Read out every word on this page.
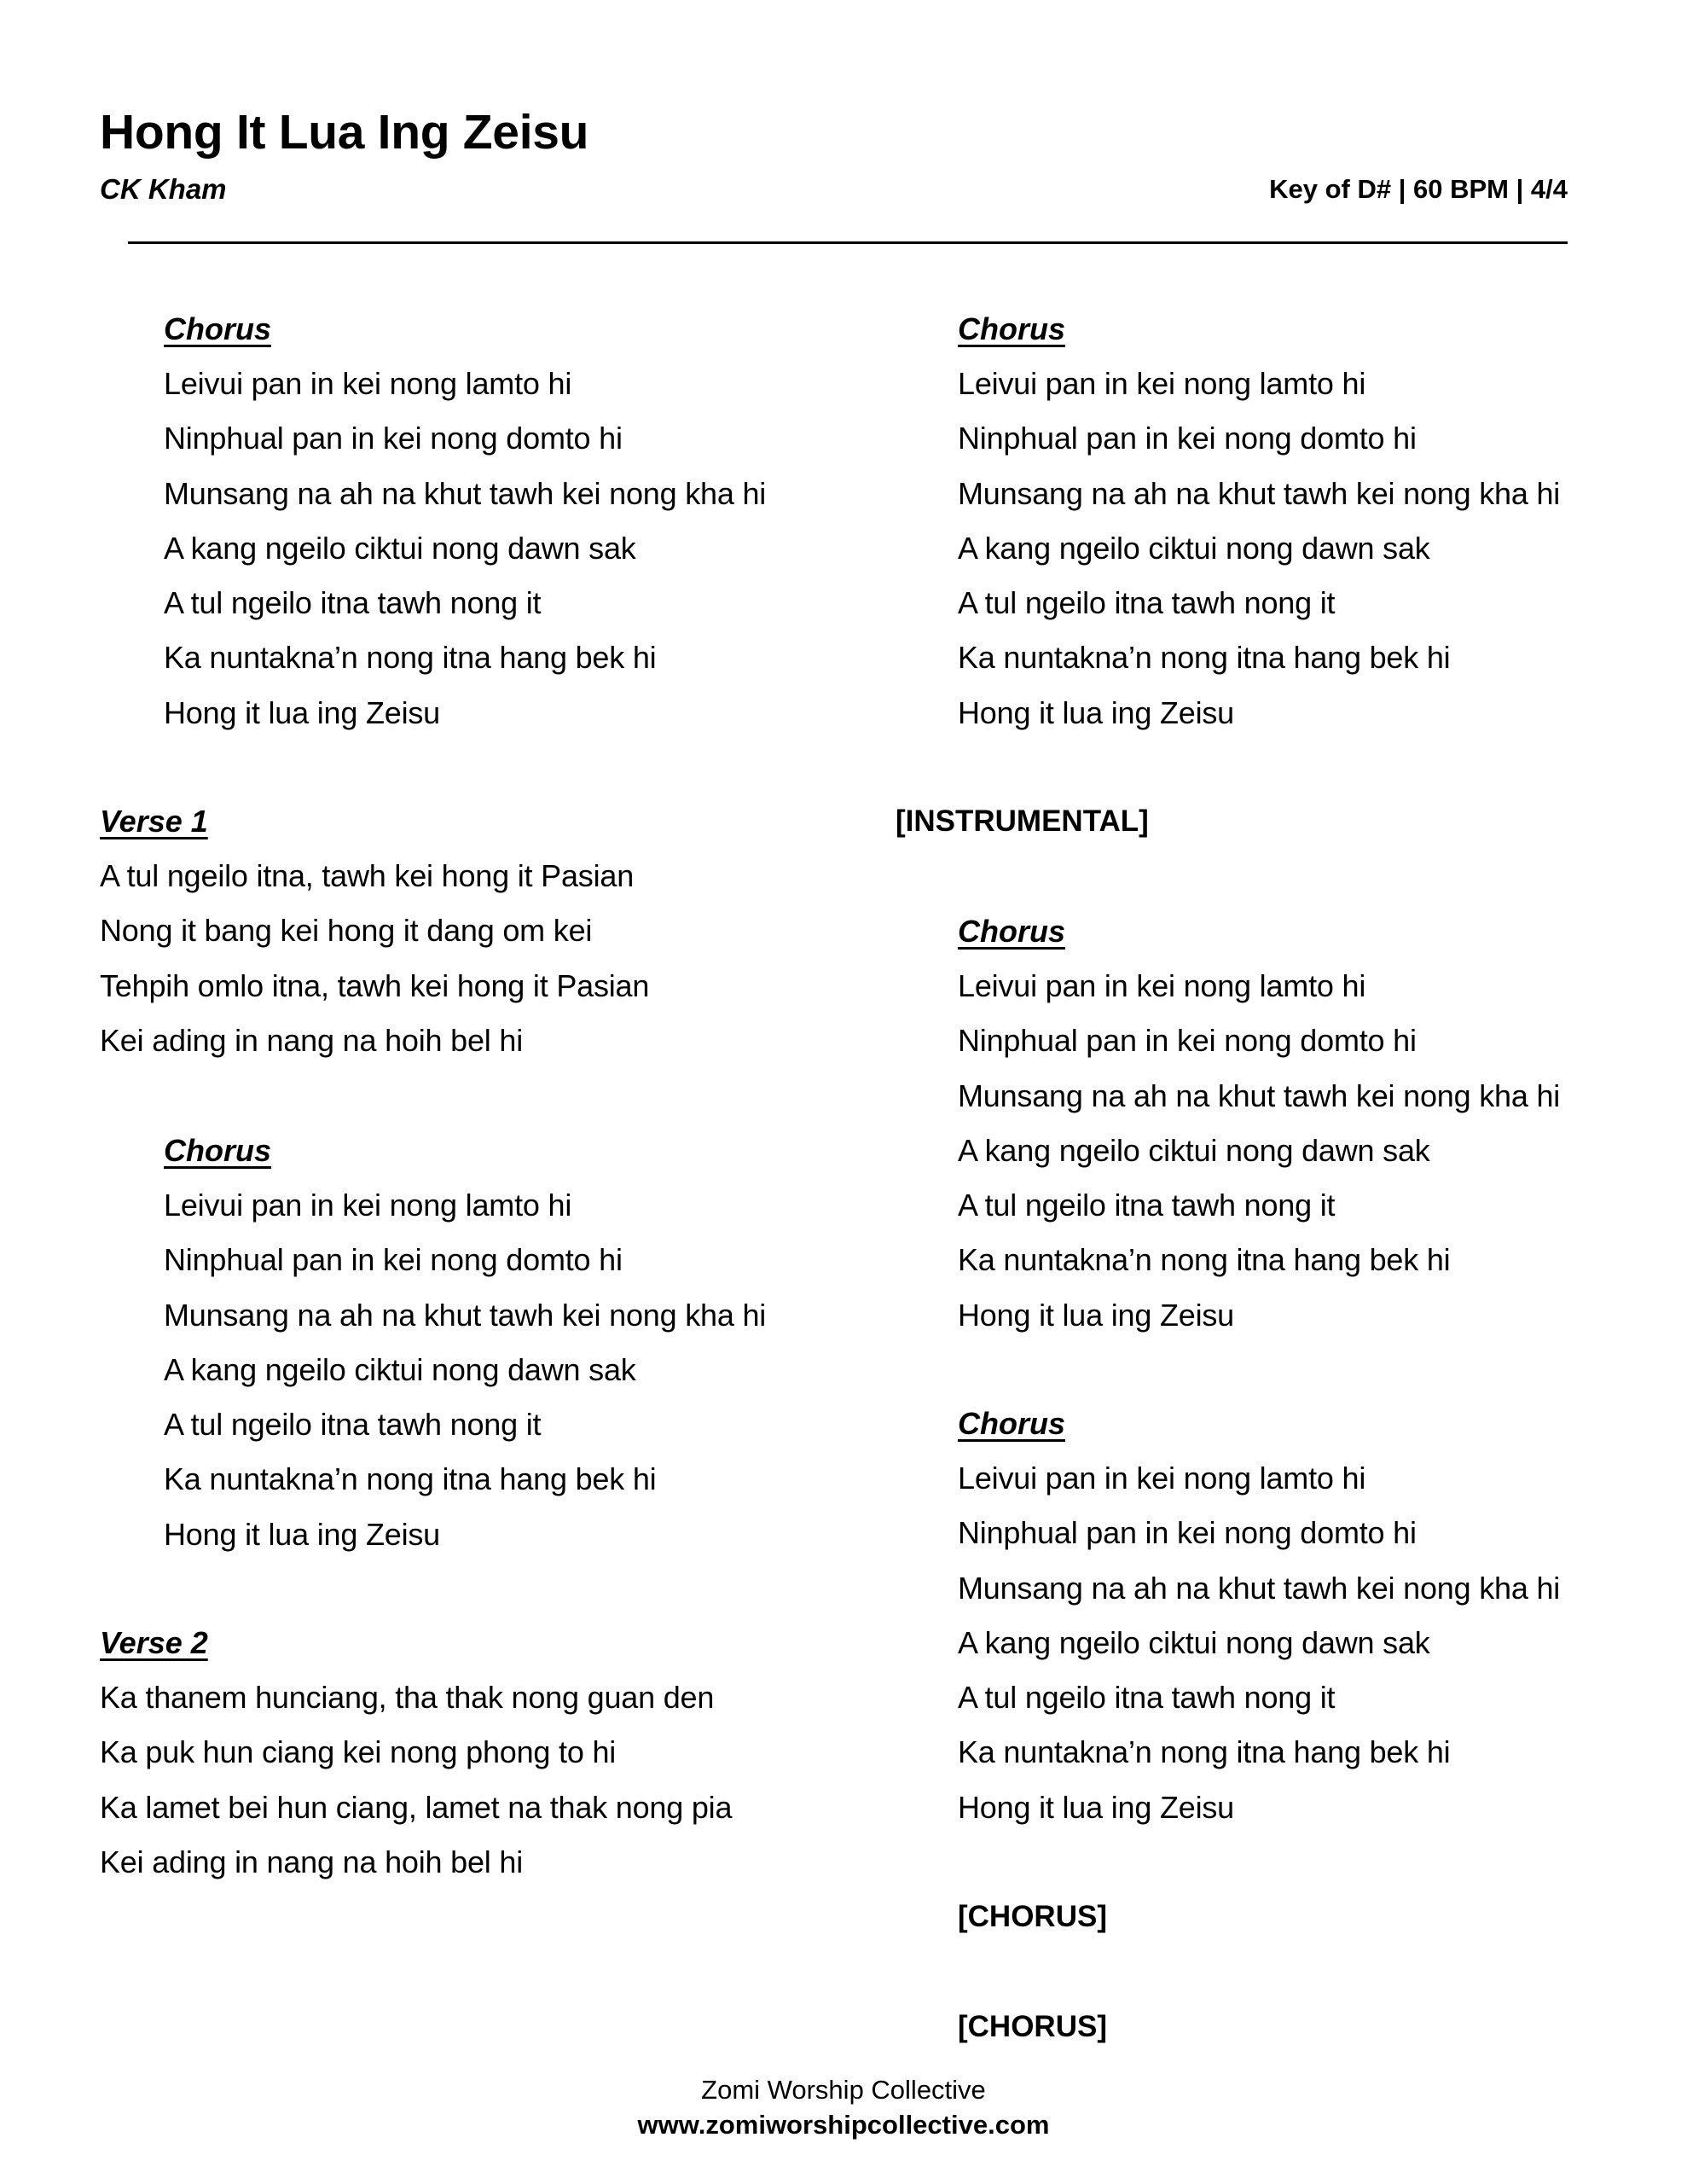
Hong It Lua Ing Zeisu
CK Kham	Key of D# | 60 BPM | 4/4
Chorus
Leivui pan in kei nong lamto hi
Ninphual pan in kei nong domto hi
Munsang na ah na khut tawh kei nong kha hi
A kang ngeilo ciktui nong dawn sak
A tul ngeilo itna tawh nong it
Ka nuntakna’n nong itna hang bek hi
Hong it lua ing Zeisu
Verse 1
A tul ngeilo itna, tawh kei hong it Pasian
Nong it bang kei hong it dang om kei
Tehpih omlo itna, tawh kei hong it Pasian
Kei ading in nang na hoih bel hi
Chorus
Leivui pan in kei nong lamto hi
Ninphual pan in kei nong domto hi
Munsang na ah na khut tawh kei nong kha hi
A kang ngeilo ciktui nong dawn sak
A tul ngeilo itna tawh nong it
Ka nuntakna’n nong itna hang bek hi
Hong it lua ing Zeisu
Verse 2
Ka thanem hunciang, tha thak nong guan den
Ka puk hun ciang kei nong phong to hi
Ka lamet bei hun ciang, lamet na thak nong pia
Kei ading in nang na hoih bel hi
Chorus
Leivui pan in kei nong lamto hi
Ninphual pan in kei nong domto hi
Munsang na ah na khut tawh kei nong kha hi
A kang ngeilo ciktui nong dawn sak
A tul ngeilo itna tawh nong it
Ka nuntakna’n nong itna hang bek hi
Hong it lua ing Zeisu
[INSTRUMENTAL]
Chorus
Leivui pan in kei nong lamto hi
Ninphual pan in kei nong domto hi
Munsang na ah na khut tawh kei nong kha hi
A kang ngeilo ciktui nong dawn sak
A tul ngeilo itna tawh nong it
Ka nuntakna’n nong itna hang bek hi
Hong it lua ing Zeisu
Chorus
Leivui pan in kei nong lamto hi
Ninphual pan in kei nong domto hi
Munsang na ah na khut tawh kei nong kha hi
A kang ngeilo ciktui nong dawn sak
A tul ngeilo itna tawh nong it
Ka nuntakna’n nong itna hang bek hi
Hong it lua ing Zeisu
[CHORUS]
[CHORUS]
Zomi Worship Collective
www.zomiworshipcollective.com
